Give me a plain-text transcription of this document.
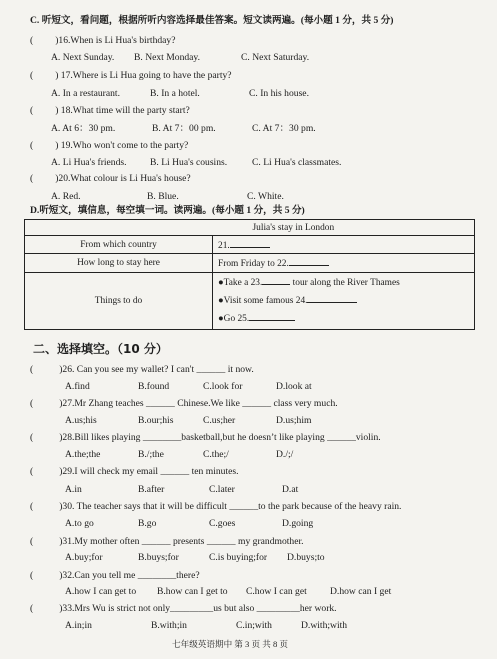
C. 听短文，看问题，根据所听内容选择最佳答案。短文读两遍。(每小题 1 分，共 5 分)
( )16.When is Li Hua's birthday?
A. Next Sunday. B. Next Monday.	C. Next Saturday.
( ) 17.Where is Li Hua going to have the party?
A. In a restaurant.	B. In a hotel.	C. In his house.
( ) 18.What time will the party start?
A. At 6：30 pm.	B. At 7：00 pm.	C. At 7：30 pm.
( ) 19.Who won't come to the party?
A. Li Hua's friends. B. Li Hua's cousins.	C. Li Hua's classmates.
( )20.What colour is Li Hua's house?
A. Red.	B. Blue.	C. White.
D.听短文，填信息，每空填一词。读两遍。(每小题 1 分，共 5 分)
	Julia's stay in London
From which country	21.
How long to stay here	From Friday to 22.
Things to do	●Take a 23. tour along the River Thames
●Visit some famous 24.
●Go 25.
二、选择填空。（10 分）
(	)26. Can you see my wallet? I can't ______ it now.
A.find	B.found	C.look for	D.look at
(	)27.Mr Zhang teaches ______ Chinese.We like ______ class very much.
A.us;his	B.our;his	C.us;her	D.us;him
(	)28.Bill likes playing ________basketball,but he doesn’t like playing ______violin.
A.the;the	B./;the	C.the;/	D./;/
(	)29.I will check my email ______ ten minutes.
A.in	B.after	C.later	D.at
(	)30. The teacher says that it will be difficult ______to the park because of the heavy rain.
A.to go	B.go	C.goes	D.going
(	)31.My mother often ______ presents ______ my grandmother.
A.buy;for	B.buys;for	C.is buying;for D.buys;to
(	)32.Can you tell me ________there?
A.how I can get to B.how can I get to C.how I can get D.how can I get
(	)33.Mrs Wu is strict not only_________us but also _________her work.
A.in;in	B.with;in	C.in;with	D.with;with
七年级英语期中 第 3 页 共 8 页
